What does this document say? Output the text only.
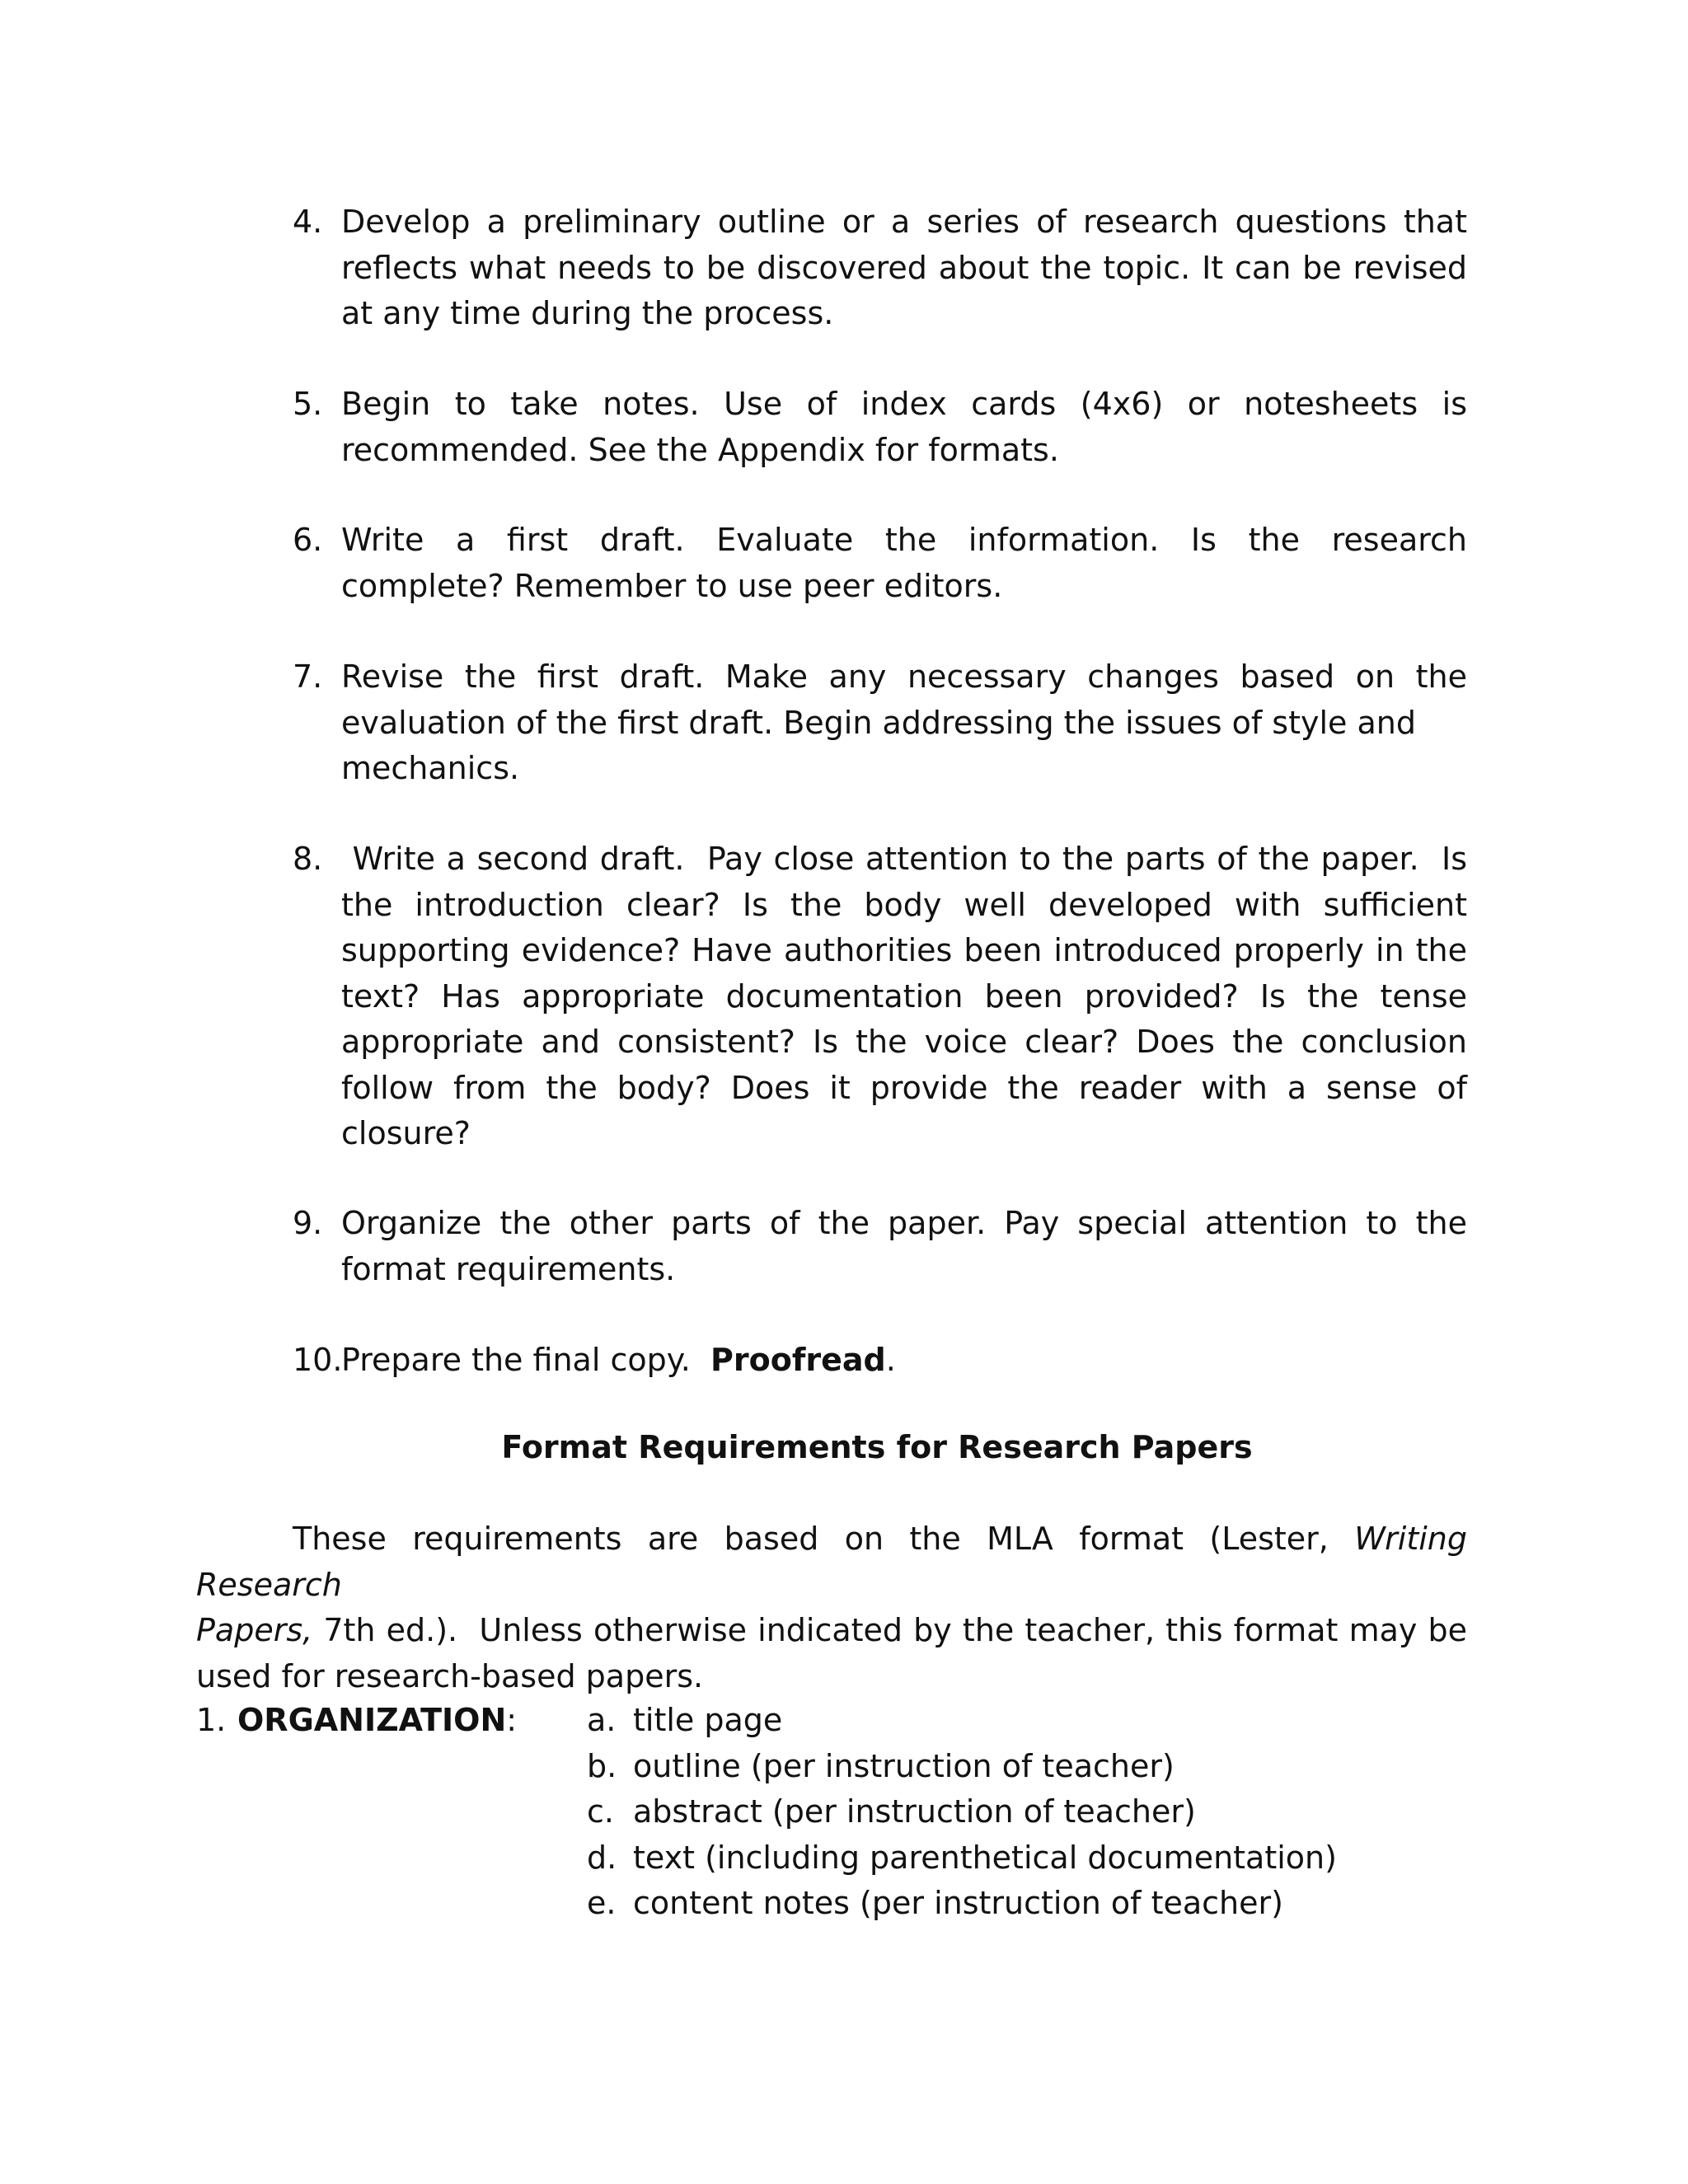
4. Develop a preliminary outline or a series of research questions that
reflects what needs to be discovered about the topic. It can be revised
at any time during the process.
5. Begin to take notes. Use of index cards (4x6) or notesheets is
recommended. See the Appendix for formats.
6. Write a first draft. Evaluate the information. Is the research
complete? Remember to use peer editors.
7. Revise the first draft. Make any necessary changes based on the
evaluation of the first draft. Begin addressing the issues of style and
mechanics.
8. Write a second draft.  Pay close attention to the parts of the paper.  Is
the introduction clear? Is the body well developed with sufficient
supporting evidence? Have authorities been introduced properly in the
text? Has appropriate documentation been provided? Is the tense
appropriate and consistent? Is the voice clear? Does the conclusion
follow from the body? Does it provide the reader with a sense of
closure?
9. Organize the other parts of the paper. Pay special attention to the
format requirements.
10.
Prepare the final copy.  Proofread.
Format Requirements for Research Papers
These requirements are based on the MLA format (Lester, Writing Research
Papers, 7th ed.).  Unless otherwise indicated by the teacher, this format may be
used for research-based papers.
1. ORGANIZATION: a. title page
b. outline (per instruction of teacher)
c. abstract (per instruction of teacher)
d. text (including parenthetical documentation)
e. content notes (per instruction of teacher)
